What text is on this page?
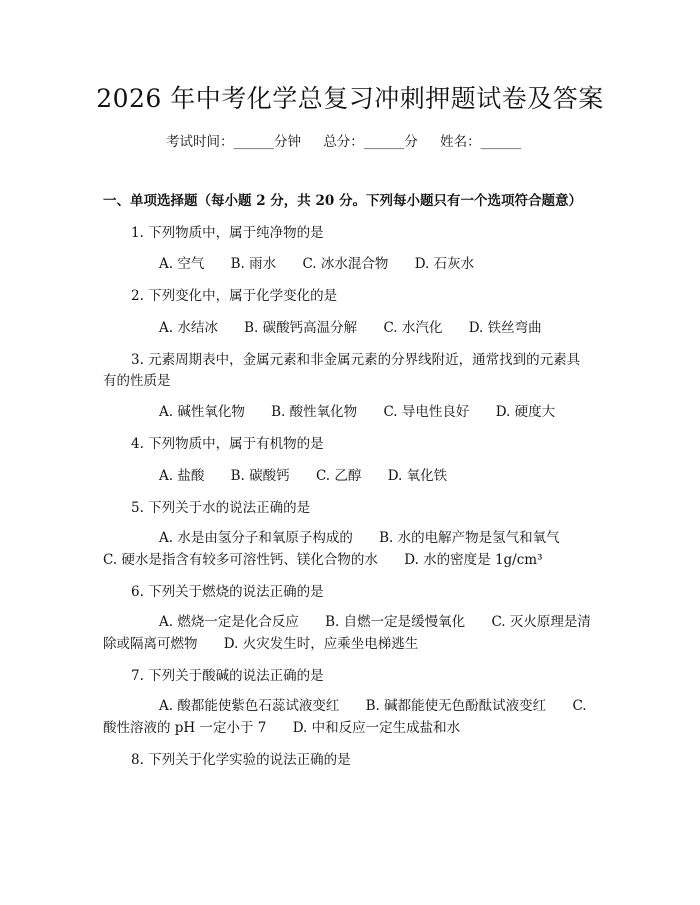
2026 年中考化学总复习冲刺押题试卷及答案
考试时间：______分钟 总分：______分 姓名：______
一、单项选择题（每小题 2 分，共 20 分。下列每小题只有一个选项符合题意）
1. 下列物质中，属于纯净物的是
A. 空气 B. 雨水 C. 冰水混合物 D. 石灰水
2. 下列变化中，属于化学变化的是
A. 水结冰 B. 碳酸钙高温分解 C. 水汽化 D. 铁丝弯曲
3. 元素周期表中，金属元素和非金属元素的分界线附近，通常找到的元素具
有的性质是
A. 碱性氧化物 B. 酸性氧化物 C. 导电性良好 D. 硬度大
4. 下列物质中，属于有机物的是
A. 盐酸 B. 碳酸钙 C. 乙醇 D. 氧化铁
5. 下列关于水的说法正确的是
A. 水是由氢分子和氧原子构成的 B. 水的电解产物是氢气和氧气 C. 硬水是指含有较多可溶性钙、镁化合物的水 D. 水的密度是 1g/cm³
6. 下列关于燃烧的说法正确的是
A. 燃烧一定是化合反应 B. 自燃一定是缓慢氧化 C. 灭火原理是清除或隔离可燃物 D. 火灾发生时，应乘坐电梯逃生
7. 下列关于酸碱的说法正确的是
A. 酸都能使紫色石蕊试液变红 B. 碱都能使无色酚酞试液变红 C. 酸性溶液的 pH 一定小于 7 D. 中和反应一定生成盐和水
8. 下列关于化学实验的说法正确的是
